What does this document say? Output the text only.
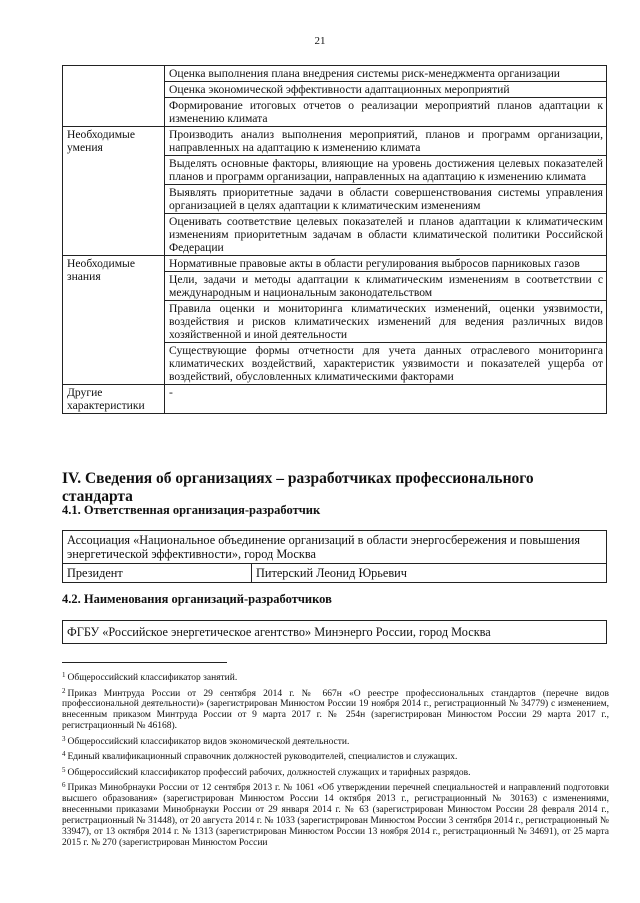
21
	Оценка выполнения плана внедрения системы риск-менеджмента организации
	Оценка экономической эффективности адаптационных мероприятий
	Формирование итоговых отчетов о реализации мероприятий планов адаптации к изменению климата
Необходимые умения	Производить анализ выполнения мероприятий, планов и программ организации, направленных на адаптацию к изменению климата
	Выделять основные факторы, влияющие на уровень достижения целевых показателей планов и программ организации, направленных на адаптацию к изменению климата
	Выявлять приоритетные задачи в области совершенствования системы управления организацией в целях адаптации к климатическим изменениям
	Оценивать соответствие целевых показателей и планов адаптации к климатическим изменениям приоритетным задачам в области климатической политики Российской Федерации
Необходимые знания	Нормативные правовые акты в области регулирования выбросов парниковых газов
	Цели, задачи и методы адаптации к климатическим изменениям в соответствии с международным и национальным законодательством
	Правила оценки и мониторинга климатических изменений, оценки уязвимости, воздействия и рисков климатических изменений для ведения различных видов хозяйственной и иной деятельности
	Существующие формы отчетности для учета данных отраслевого мониторинга климатических воздействий, характеристик уязвимости и показателей ущерба от воздействий, обусловленных климатическими факторами
Другие характеристики	-
IV. Сведения об организациях – разработчиках профессионального стандарта
4.1. Ответственная организация-разработчик
Ассоциация «Национальное объединение организаций в области энергосбережения и повышения энергетической эффективности», город Москва
Президент	Питерский Леонид Юрьевич
4.2. Наименования организаций-разработчиков
ФГБУ «Российское энергетическое агентство» Минэнерго России, город Москва

$^1$ Общероссийский классификатор занятий.

$^2$ Приказ Минтруда России от 29 сентября 2014 г. № 667н «О реестре профессиональных стандартов (перечне видов профессиональной деятельности)» (зарегистрирован Минюстом России 19 ноября 2014 г., регистрационный № 34779) с изменением, внесенным приказом Минтруда России от 9 марта 2017 г. № 254н (зарегистрирован Минюстом России 29 марта 2017 г., регистрационный № 46168).

$^3$ Общероссийский классификатор видов экономической деятельности.

$^4$ Единый квалификационный справочник должностей руководителей, специалистов и служащих.

$^5$ Общероссийский классификатор профессий рабочих, должностей служащих и тарифных разрядов.

$^6$ Приказ Минобрнауки России от 12 сентября 2013 г. № 1061 «Об утверждении перечней специальностей и направлений подготовки высшего образования» (зарегистрирован Минюстом России 14 октября 2013 г., регистрационный № 30163) с изменениями, внесенными приказами Минобрнауки России от 29 января 2014 г. № 63 (зарегистрирован Минюстом России 28 февраля 2014 г., регистрационный № 31448), от 20 августа 2014 г. № 1033 (зарегистрирован Минюстом России 3 сентября 2014 г., регистрационный № 33947), от 13 октября 2014 г. № 1313 (зарегистрирован Минюстом России 13 ноября 2014 г., регистрационный № 34691), от 25 марта 2015 г. № 270 (зарегистрирован Минюстом России
